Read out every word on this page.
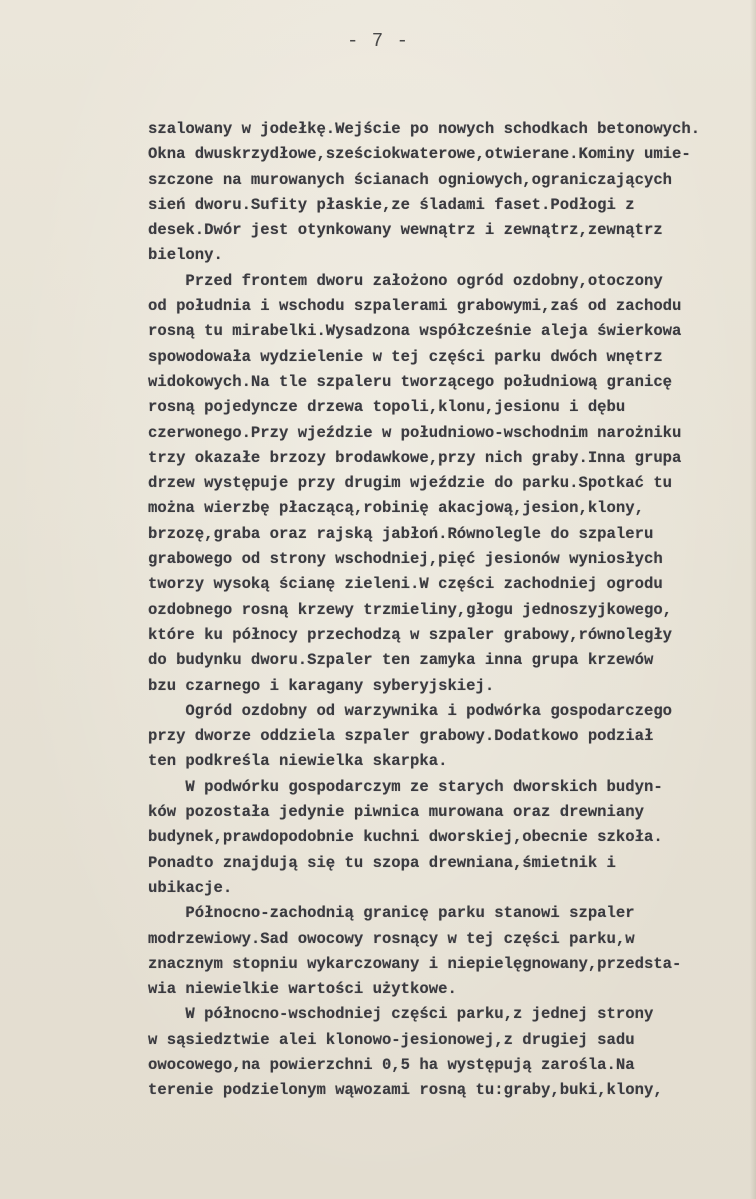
- 7 -
szalowany w jodełkę.Wejście po nowych schodkach betonowych.
Okna dwuskrzydłowe,sześciokwaterowe,otwierane.Kominy umie-
szczone na murowanych ścianach ogniowych,ograniczających
sień dworu.Sufity płaskie,ze śladami faset.Podłogi z
desek.Dwór jest otynkowany wewnątrz i zewnątrz,zewnątrz
bielony.
Przed frontem dworu założono ogród ozdobny,otoczony
od południa i wschodu szpalerami grabowymi,zaś od zachodu
rosną tu mirabelki.Wysadzona współcześnie aleja świerkowa
spowodowała wydzielenie w tej części parku dwóch wnętrz
widokowych.Na tle szpaleru tworzącego południową granicę
rosną pojedyncze drzewa topoli,klonu,jesionu i dębu
czerwonego.Przy wjeździe w południowo-wschodnim narożniku
trzy okazałe brzozy brodawkowe,przy nich graby.Inna grupa
drzew występuje przy drugim wjeździe do parku.Spotkać tu
można wierzbę płaczącą,robinię akacjową,jesion,klony,
brzozę,graba oraz rajską jabłoń.Równolegle do szpaleru
grabowego od strony wschodniej,pięć jesionów wyniosłych
tworzy wysoką ścianę zieleni.W części zachodniej ogrodu
ozdobnego rosną krzewy trzmieliny,głogu jednoszyjkowego,
które ku północy przechodzą w szpaler grabowy,równoległy
do budynku dworu.Szpaler ten zamyka inna grupa krzewów
bzu czarnego i karagany syberyjskiej.
Ogród ozdobny od warzywnika i podwórka gospodarczego
przy dworze oddziela szpaler grabowy.Dodatkowo podział
ten podkreśla niewielka skarpka.
W podwórku gospodarczym ze starych dworskich budyn-
ków pozostała jedynie piwnica murowana oraz drewniany
budynek,prawdopodobnie kuchni dworskiej,obecnie szkoła.
Ponadto znajdują się tu szopa drewniana,śmietnik i
ubikacje.
Północno-zachodnią granicę parku stanowi szpaler
modrzewiowy.Sad owocowy rosnący w tej części parku,w
znacznym stopniu wykarczowany i niepielęgnowany,przedsta-
wia niewielkie wartości użytkowe.
W północno-wschodniej części parku,z jednej strony
w sąsiedztwie alei klonowo-jesionowej,z drugiej sadu
owocowego,na powierzchni 0,5 ha występują zarośla.Na
terenie podzielonym wąwozami rosną tu:graby,buki,klony,
